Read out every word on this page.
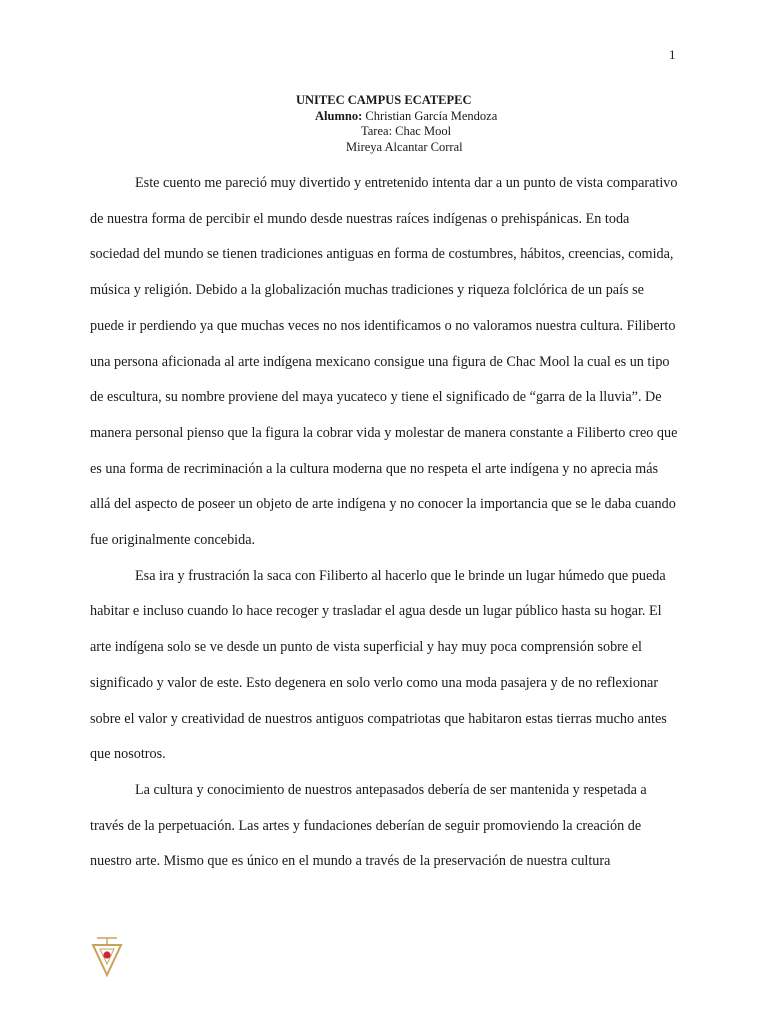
1
UNITEC CAMPUS ECATEPEC
Alumno: Christian García Mendoza
Tarea: Chac Mool
Mireya Alcantar Corral

Este cuento me pareció muy divertido y entretenido intenta dar a un punto de vista comparativo de nuestra forma de percibir el mundo desde nuestras raíces indígenas o prehispánicas. En toda sociedad del mundo se tienen tradiciones antiguas en forma de costumbres, hábitos, creencias, comida, música y religión. Debido a la globalización muchas tradiciones y riqueza folclórica de un país se puede ir perdiendo ya que muchas veces no nos identificamos o no valoramos nuestra cultura. Filiberto una persona aficionada al arte indígena mexicano consigue una figura de Chac Mool la cual es un tipo de escultura, su nombre proviene del maya yucateco y tiene el significado de “garra de la lluvia”. De manera personal pienso que la figura la cobrar vida y molestar de manera constante a Filiberto creo que es una forma de recriminación a la cultura moderna que no respeta el arte indígena y no aprecia más allá del aspecto de poseer un objeto de arte indígena y no conocer la importancia que se le daba cuando fue originalmente concebida.

Esa ira y frustración la saca con Filiberto al hacerlo que le brinde un lugar húmedo que pueda habitar e incluso cuando lo hace recoger y trasladar el agua desde un lugar público hasta su hogar. El arte indígena solo se ve desde un punto de vista superficial y hay muy poca comprensión sobre el significado y valor de este. Esto degenera en solo verlo como una moda pasajera y de no reflexionar sobre el valor y creatividad de nuestros antiguos compatriotas que habitaron estas tierras mucho antes que nosotros.

La cultura y conocimiento de nuestros antepasados debería de ser mantenida y respetada a través de la perpetuación. Las artes y fundaciones deberían de seguir promoviendo la creación de nuestro arte. Mismo que es único en el mundo a través de la preservación de nuestra cultura
